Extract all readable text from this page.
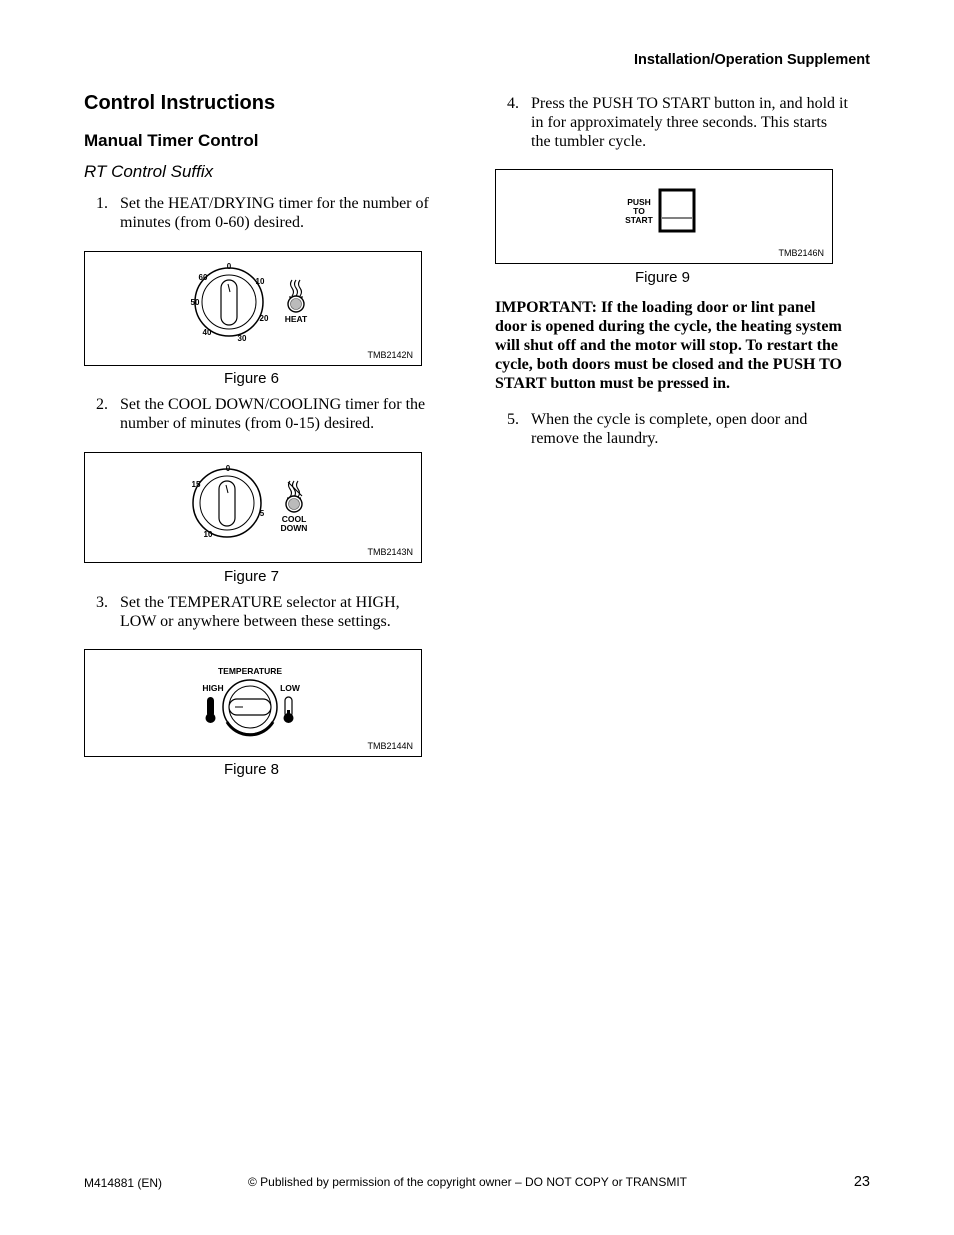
Installation/Operation Supplement
Control Instructions
Manual Timer Control
RT Control Suffix
1. Set the HEAT/DRYING timer for the number of
minutes (from 0-60) desired.
0
10
20
30
40
50
60
HEAT
TMB2142N
Figure 6
2. Set the COOL DOWN/COOLING timer for the
number of minutes (from 0-15) desired.
0
5
10
15
COOL
DOWN
TMB2143N
Figure 7
3. Set the TEMPERATURE selector at HIGH,
LOW or anywhere between these settings.
TEMPERATURE
HIGH	LOW
TMB2144N
Figure 8
4. Press the PUSH TO START button in, and hold it
in for approximately three seconds. This starts
the tumbler cycle.
PUSH
TO
START
TMB2146N
Figure 9
IMPORTANT: If the loading door or lint panel
door is opened during the cycle, the heating system
will shut off and the motor will stop. To restart the
cycle, both doors must be closed and the PUSH TO
START button must be pressed in.
5. When the cycle is complete, open door and
remove the laundry.
M414881 (EN)	© Published by permission of the copyright owner – DO NOT COPY or TRANSMIT	23
